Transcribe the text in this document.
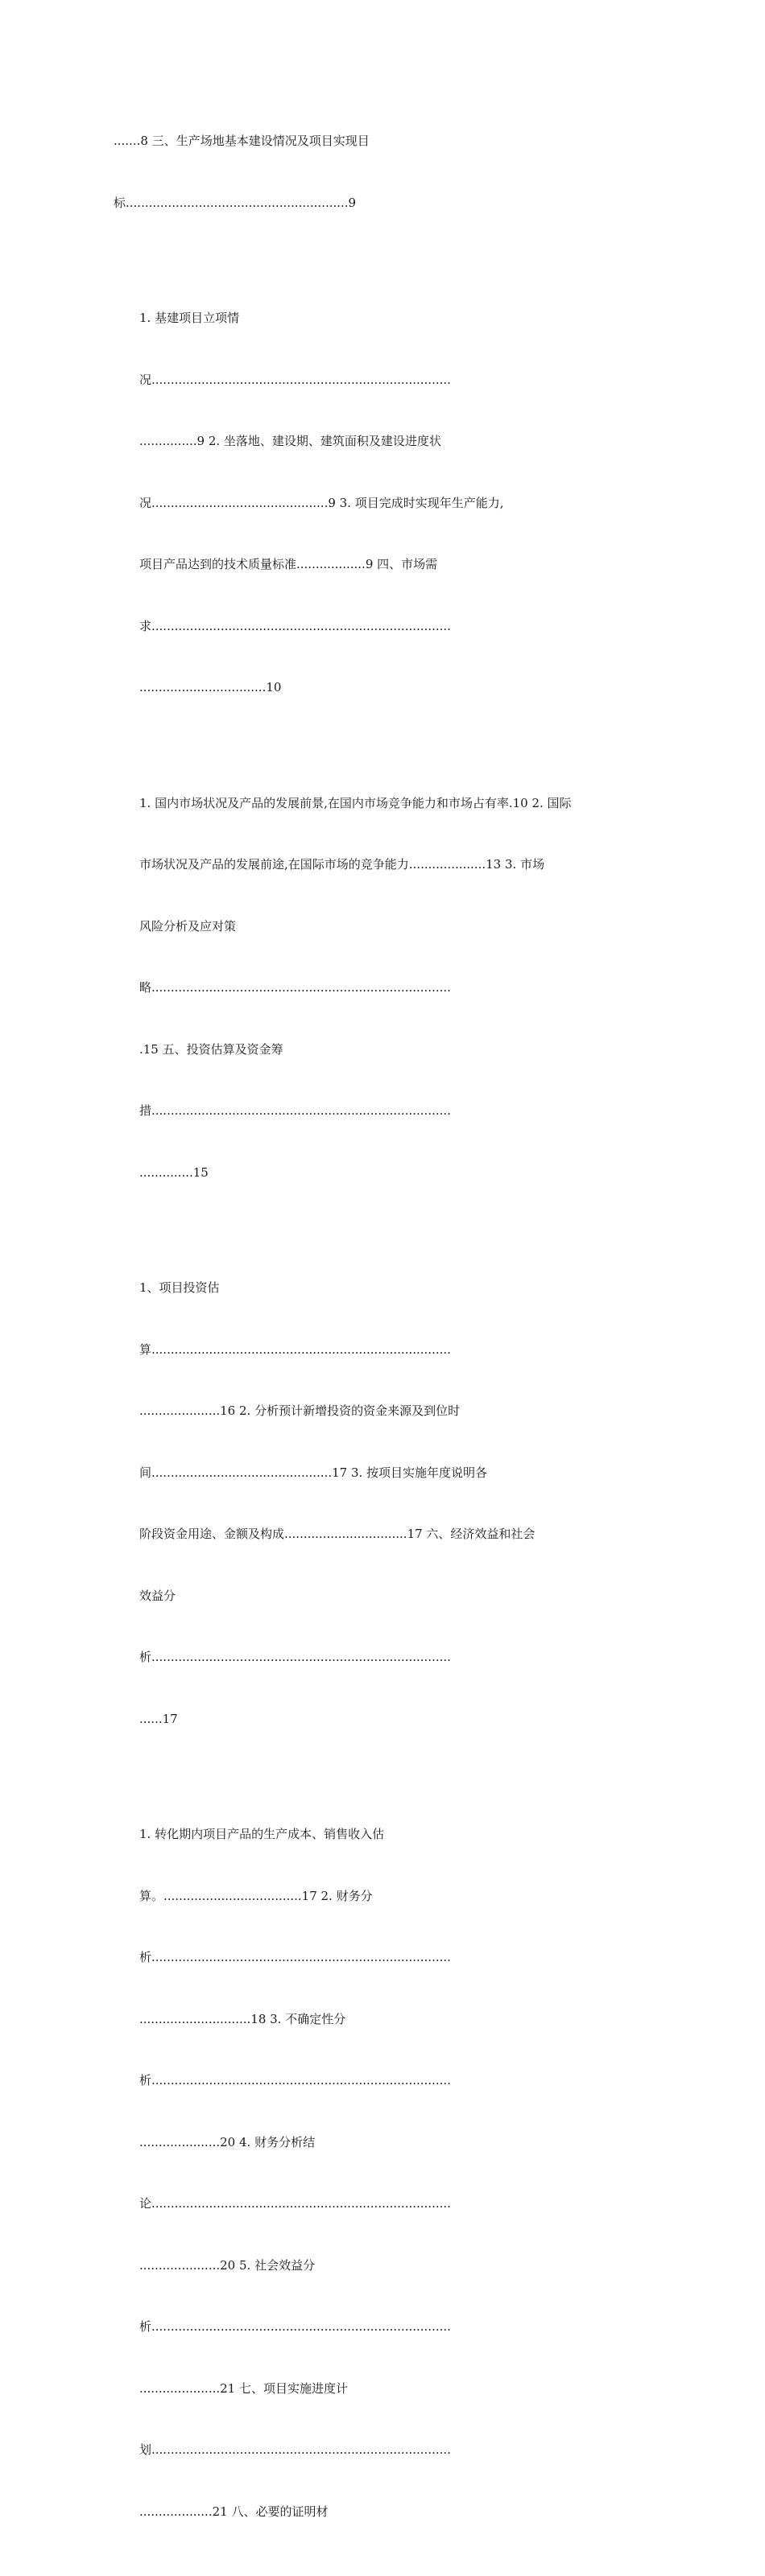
.......8 三、生产场地基本建设情况及项目实现目

标..........................................................9

1. 基建项目立项情

况..............................................................................

...............9 2. 坐落地、建设期、建筑面积及建设进度状

况..............................................9 3. 项目完成时实现年生产能力,

项目产品达到的技术质量标准..................9 四、市场需

求..............................................................................

.................................10

1. 国内市场状况及产品的发展前景,在国内市场竞争能力和市场占有率.10 2. 国际

市场状况及产品的发展前途,在国际市场的竞争能力....................13 3. 市场

风险分析及应对策

略..............................................................................

.15 五、投资估算及资金筹

措..............................................................................

..............15

1、项目投资估

算..............................................................................

.....................16 2. 分析预计新增投资的资金来源及到位时

间...............................................17 3. 按项目实施年度说明各

阶段资金用途、金额及构成................................17 六、经济效益和社会

效益分

析..............................................................................

......17

1. 转化期内项目产品的生产成本、销售收入估

算。....................................17 2. 财务分

析..............................................................................

.............................18 3. 不确定性分

析..............................................................................

.....................20 4. 财务分析结

论..............................................................................

.....................20 5. 社会效益分

析..............................................................................

.....................21 七、项目实施进度计

划..............................................................................

...................21 八、必要的证明材
